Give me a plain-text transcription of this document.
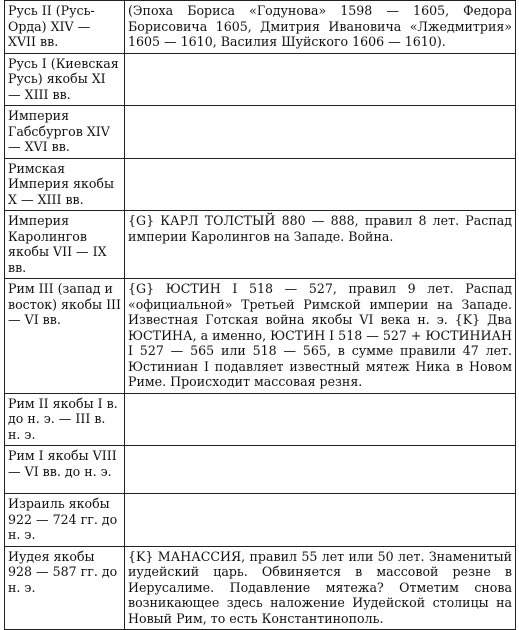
Русь II (Русь-Орда) XIV — XVII вв.	(Эпоха Бориса «Годунова» 1598 — 1605, Федора Борисовича 1605, Дмитрия Ивановича «Лжедмитрия» 1605 — 1610, Василия Шуйского 1606 — 1610).
Русь I (Киевская Русь) якобы XI — XIII вв.	
Империя Габсбургов XIV — XVI вв.	
Римская Империя якобы X — XIII вв.	
Империя Каролингов якобы VII — IX вв.	{G} КАРЛ ТОЛСТЫЙ 880 — 888, правил 8 лет. Распад империи Каролингов на Западе. Война.
Рим III (запад и восток) якобы III — VI вв.	{G} ЮСТИН I 518 — 527, правил 9 лет. Распад «официальной» Третьей Римской империи на Западе. Известная Готская война якобы VI века н. э. {K} Два ЮСТИНА, а именно, ЮСТИН I 518 — 527 + ЮСТИНИАН I 527 — 565 или 518 — 565, в сумме правили 47 лет. Юстиниан I подавляет известный мятеж Ника в Новом Риме. Происходит массовая резня.
Рим II якобы I в. до н. э. — III в. н. э.	
Рим I якобы VIII — VI вв. до н. э.	
Израиль якобы 922 — 724 гг. до н. э.	
Иудея якобы 928 — 587 гг. до н. э.	{K} МАНАССИЯ, правил 55 лет или 50 лет. Знаменитый иудейский царь. Обвиняется в массовой резне в Иерусалиме. Подавление мятежа? Отметим снова возникающее здесь наложение Иудейской столицы на Новый Рим, то есть Константинополь.
